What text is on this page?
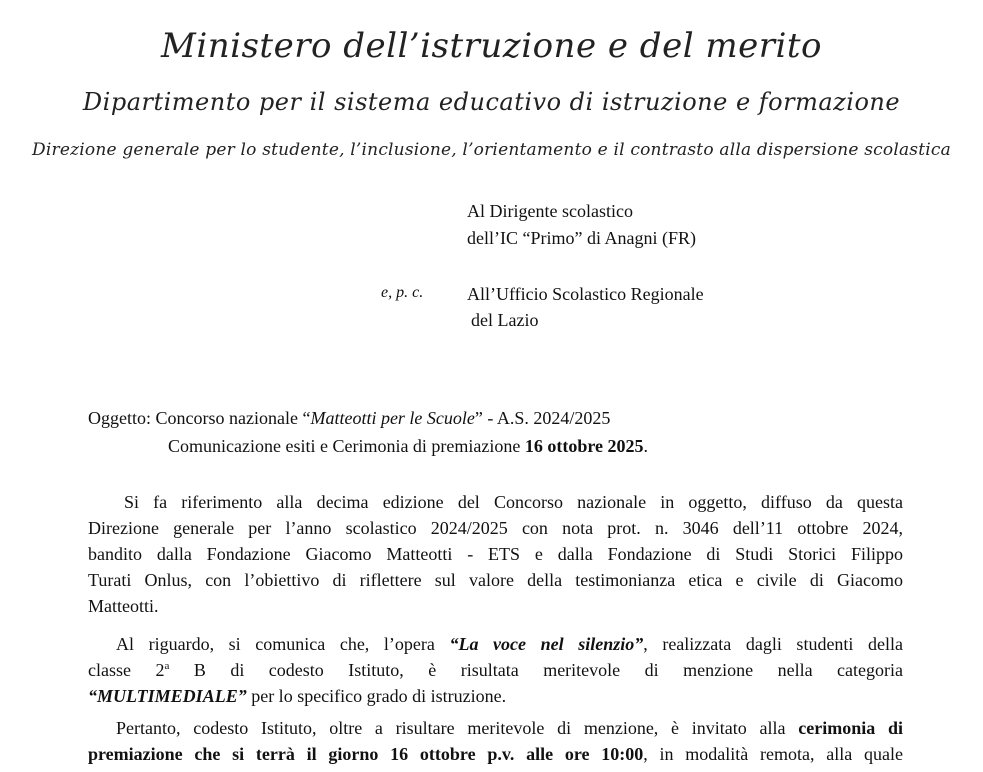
Ministero dell’istruzione e del merito
Dipartimento per il sistema educativo di istruzione e formazione
Direzione generale per lo studente, l’inclusione, l’orientamento e il contrasto alla dispersione scolastica
Al Dirigente scolastico
dell’IC “Primo” di Anagni (FR)
e, p. c. All’Ufficio Scolastico Regionale
del Lazio
Oggetto: Concorso nazionale “Matteotti per le Scuole” - A.S. 2024/2025
Comunicazione esiti e Cerimonia di premiazione 16 ottobre 2025.
Si fa riferimento alla decima edizione del Concorso nazionale in oggetto, diffuso da questa
Direzione generale per l’anno scolastico 2024/2025 con nota prot. n. 3046 dell’11 ottobre 2024,
bandito dalla Fondazione Giacomo Matteotti - ETS e dalla Fondazione di Studi Storici Filippo
Turati Onlus, con l’obiettivo di riflettere sul valore della testimonianza etica e civile di Giacomo
Matteotti.
Al riguardo, si comunica che, l’opera “La voce nel silenzio”, realizzata dagli studenti della
classe 2$^a$ B di codesto Istituto, è risultata meritevole di menzione nella categoria
“MULTIMEDIALE” per lo specifico grado di istruzione.
Pertanto, codesto Istituto, oltre a risultare meritevole di menzione, è invitato alla cerimonia di
premiazione che si terrà il giorno 16 ottobre p.v. alle ore 10:00, in modalità remota, alla quale
